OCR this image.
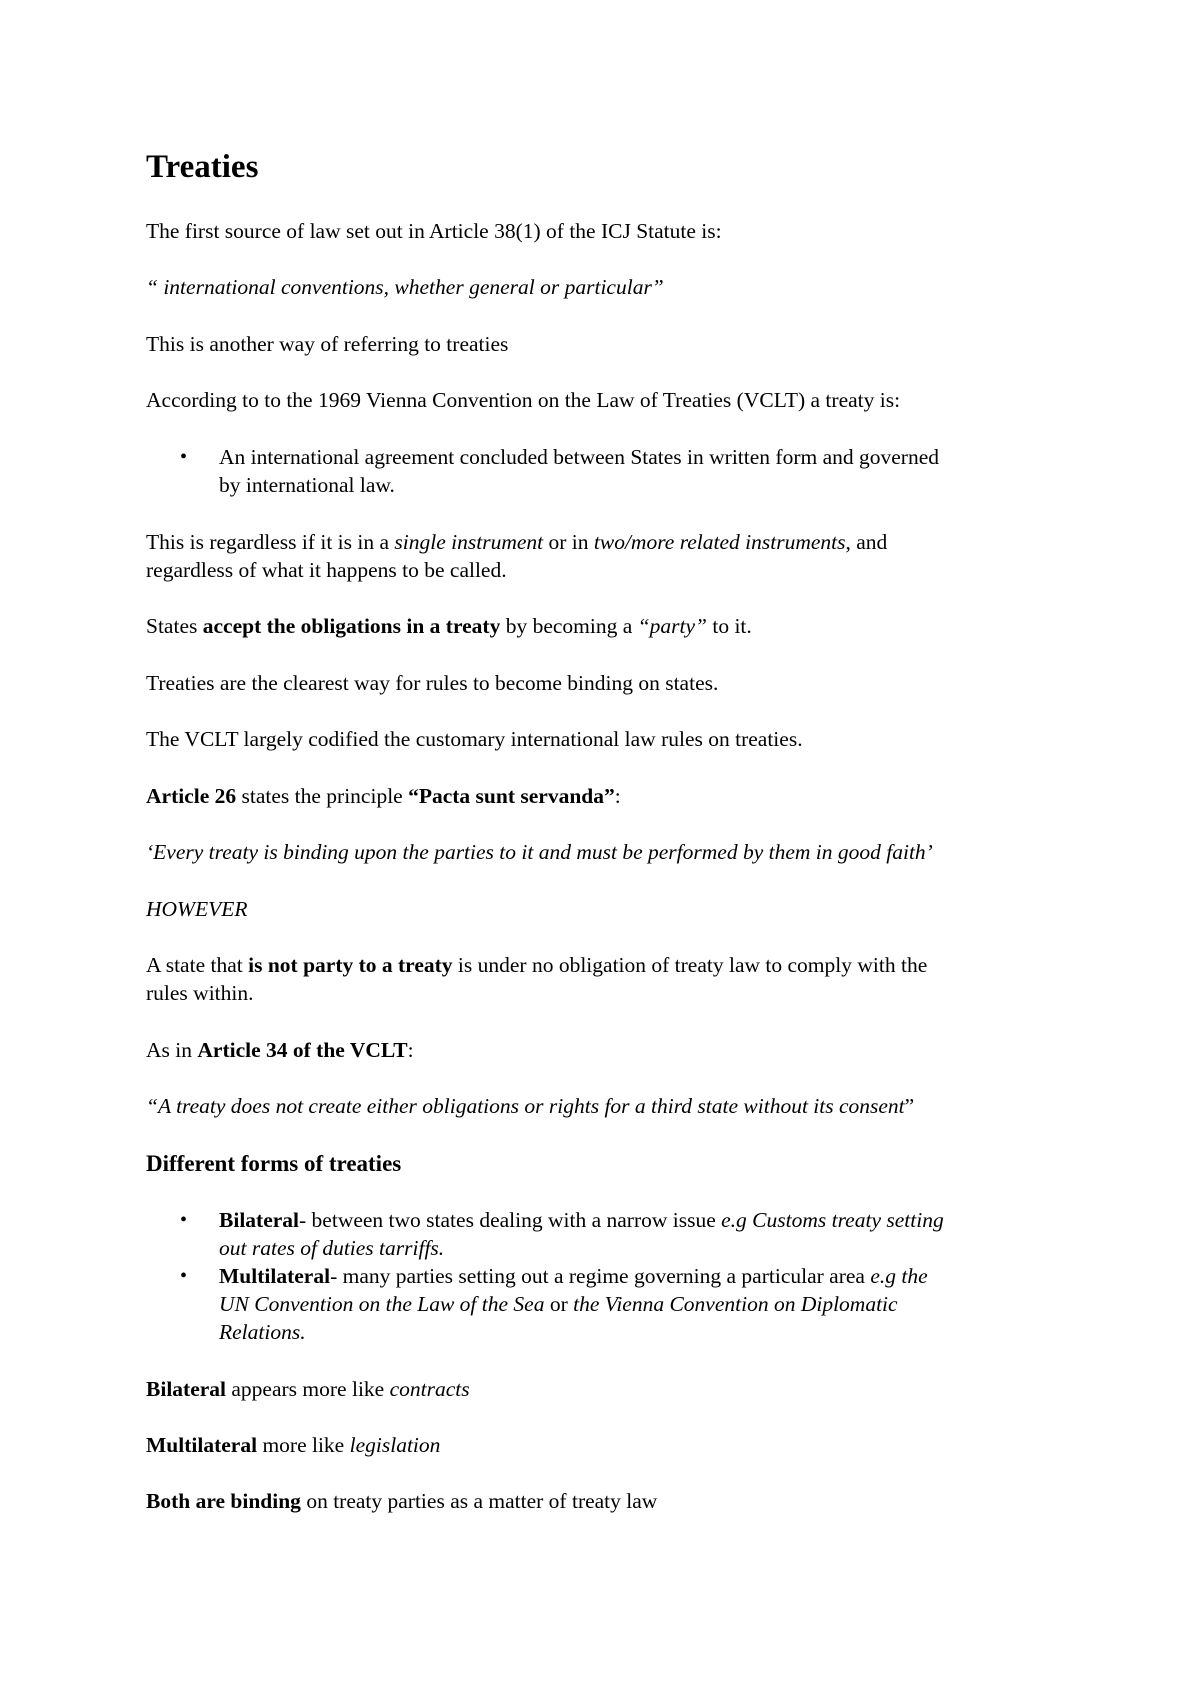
Treaties

The first source of law set out in Article 38(1) of the ICJ Statute is:

“ international conventions, whether general or particular”

This is another way of referring to treaties

According to to the 1969 Vienna Convention on the Law of Treaties (VCLT) a treaty is:

• An international agreement concluded between States in written form and governed

by international law.

This is regardless if it is in a single instrument or in two/more related instruments, and

regardless of what it happens to be called.

States accept the obligations in a treaty by becoming a “party” to it.

Treaties are the clearest way for rules to become binding on states.

The VCLT largely codified the customary international law rules on treaties.

Article 26 states the principle “Pacta sunt servanda”:

‘Every treaty is binding upon the parties to it and must be performed by them in good faith’

HOWEVER

A state that is not party to a treaty is under no obligation of treaty law to comply with the

rules within.

As in Article 34 of the VCLT:

“A treaty does not create either obligations or rights for a third state without its consent”

Different forms of treaties
• Bilateral- between two states dealing with a narrow issue e.g Customs treaty setting

out rates of duties tarriffs.

• Multilateral- many parties setting out a regime governing a particular area e.g the

UN Convention on the Law of the Sea or the Vienna Convention on Diplomatic

Relations.

Bilateral appears more like contracts

Multilateral more like legislation

Both are binding on treaty parties as a matter of treaty law
